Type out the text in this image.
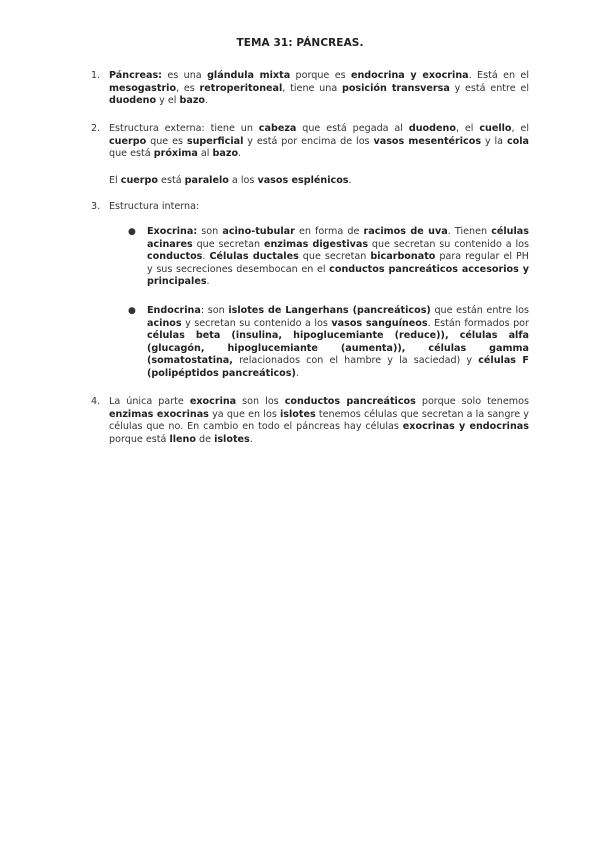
TEMA 31: PÁNCREAS.
1. Páncreas: es una glándula mixta porque es endocrina y exocrina. Está en el mesogastrio, es retroperitoneal, tiene una posición transversa y está entre el duodeno y el bazo.
2. Estructura externa: tiene un cabeza que está pegada al duodeno, el cuello, el cuerpo que es superficial y está por encima de los vasos mesentéricos y la cola que está próxima al bazo.
El cuerpo está paralelo a los vasos esplénicos.
3. Estructura interna:
● Exocrina: son acino-tubular en forma de racimos de uva. Tienen células acinares que secretan enzimas digestivas que secretan su contenido a los conductos. Células ductales que secretan bicarbonato para regular el PH y sus secreciones desembocan en el conductos pancreáticos accesorios y principales.
● Endocrina: son islotes de Langerhans (pancreáticos) que están entre los acinos y secretan su contenido a los vasos sanguíneos. Están formados por células beta (insulina, hipoglucemiante (reduce)), células alfa (glucagón, hipoglucemiante (aumenta)), células gamma (somatostatina, relacionados con el hambre y la saciedad) y células F (polipéptidos pancreáticos).
4. La única parte exocrina son los conductos pancreáticos porque solo tenemos enzimas exocrinas ya que en los islotes tenemos células que secretan a la sangre y células que no. En cambio en todo el páncreas hay células exocrinas y endocrinas porque está lleno de islotes.
